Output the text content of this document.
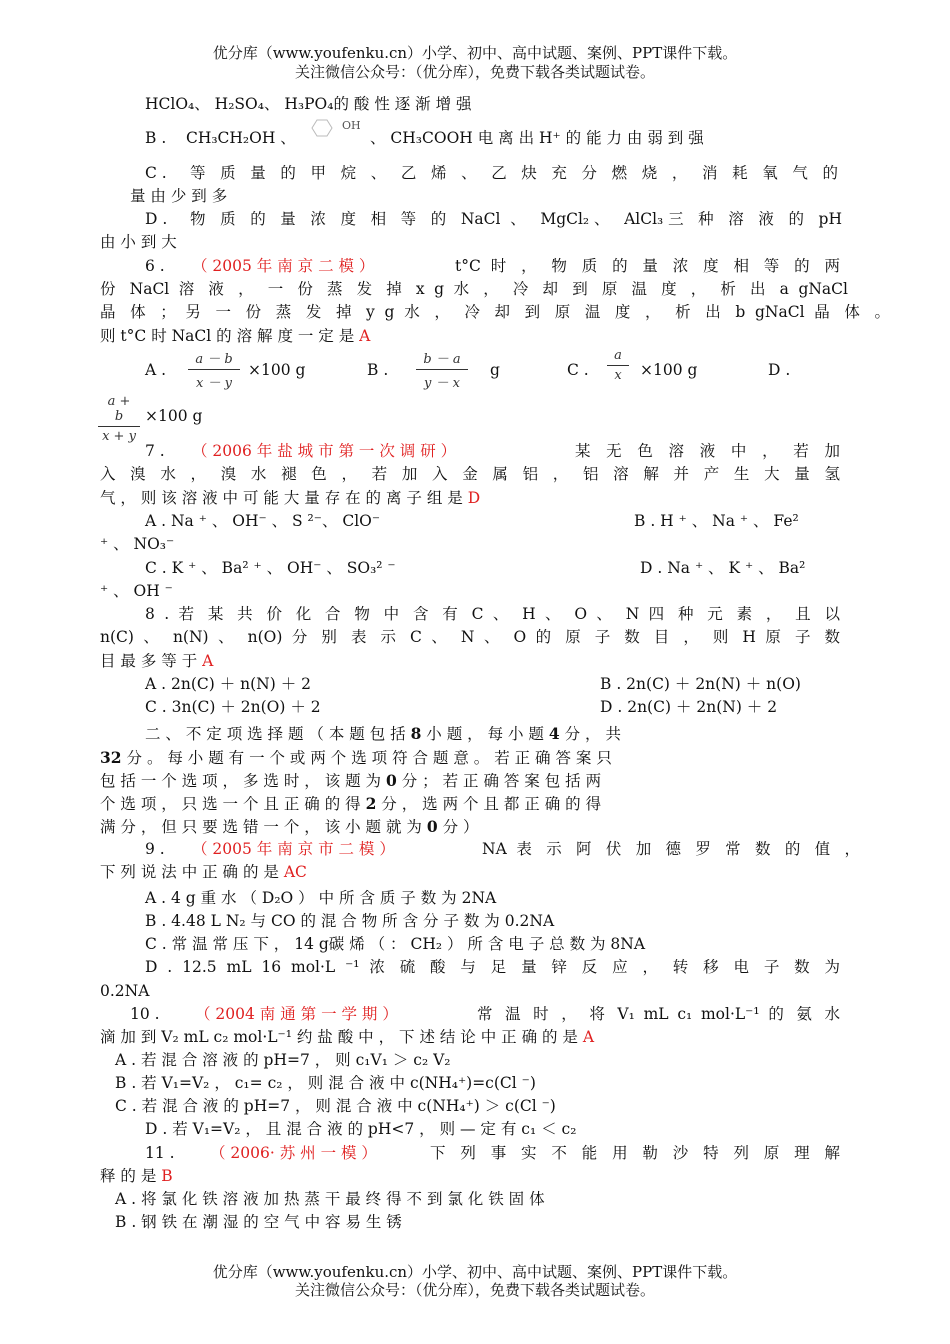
优分库（www.youfenku.cn）小学、初中、高中试题、案例、PPT课件下载。
关注微信公众号：（优分库），免费下载各类试题试卷。
HClO₄、 H₂SO₄、 H₃PO₄的 酸 性 逐 渐 增 强
B .    CH₃CH₂OH 、
OH
、 CH₃COOH 电 离 出 H⁺ 的 能 力 由 弱 到 强
C . 等 质 量 的 甲 烷 、 乙 烯 、 乙 炔 充 分 燃 烧 ， 消 耗 氧 气 的
量 由 少 到 多
D . 物 质 的 量 浓 度 相 等 的 NaCl 、 MgCl₂、 AlCl₃三 种 溶 液 的 pH
由 小 到 大
6 . （ 2005 年 南 京 二 模 ）	t°C 时 ， 物 质 的 量 浓 度 相 等 的 两
份 NaCl 溶 液 ， 一 份 蒸 发 掉 x g 水 ， 冷 却 到 原 温 度 ， 析 出 a gNaCl
晶 体 ； 另 一 份 蒸 发 掉 y g 水 ， 冷 却 到 原 温 度 ， 析 出 b gNaCl 晶 体 。
则 t°C 时 NaCl 的 溶 解 度 一 定 是 A
A . $\frac{a - b}{x - y} \times 100$ g	B . $\frac{b - a}{y - x}$ g	C . $\frac{a}{x} \times 100$ g	D .
$\frac{a + b}{x + y} \times 100$ g
7 . （ 2006 年 盐 城 市 第 一 次 调 研 ）	某 无 色 溶 液 中 ， 若 加
入 溴 水 ， 溴 水 褪 色 ， 若 加 入 金 属 铝 ， 铝 溶 解 并 产 生 大 量 氢
气 ， 则 该 溶 液 中 可 能 大 量 存 在 的 离 子 组 是 D
A . Na ⁺ 、 OH⁻ 、 S ²⁻、 ClO⁻	B . H ⁺ 、 Na ⁺ 、 Fe²
⁺ 、 NO₃⁻
C . K ⁺ 、 Ba² ⁺ 、 OH⁻ 、 SO₃² ⁻	D . Na ⁺ 、 K ⁺ 、 Ba²
⁺ 、 OH ⁻
8 . 若 某 共 价 化 合 物 中 含 有 C 、 H 、 O 、 N 四 种 元 素 ， 且 以
n(C) 、 n(N) 、 n(O) 分 别 表 示 C 、 N 、 O 的 原 子 数 目 ， 则 H 原 子 数
目 最 多 等 于 A
A . 2n(C) ＋ n(N) ＋ 2	B . 2n(C) ＋ 2n(N) ＋ n(O)
C . 3n(C) ＋ 2n(O) ＋ 2	D . 2n(C) ＋ 2n(N) ＋ 2
二 、 不 定 项 选 择 题 （ 本 题 包 括 8 小 题 ， 每 小 题 4 分 ， 共
32 分 。 每 小 题 有 一 个 或 两 个 选 项 符 合 题 意 。 若 正 确 答 案 只
包 括 一 个 选 项 ， 多 选 时 ， 该 题 为 0 分 ； 若 正 确 答 案 包 括 两
个 选 项 ， 只 选 一 个 且 正 确 的 得 2 分 ， 选 两 个 且 都 正 确 的 得
满 分 ， 但 只 要 选 错 一 个 ， 该 小 题 就 为 0 分 ）
9 . （ 2005 年 南 京 市 二 模 ）	NA 表 示 阿 伏 加 德 罗 常 数 的 值 ，
下 列 说 法 中 正 确 的 是 AC
A . 4 g 重 水 （ D₂O ） 中 所 含 质 子 数 为 2NA
B . 4.48 L N₂ 与 CO 的 混 合 物 所 含 分 子 数 为 0.2NA
C . 常 温 常 压 下 ， 14 g碳 烯 （ ： CH₂ ） 所 含 电 子 总 数 为 8NA
D . 12.5 mL 16 mol·L ⁻¹ 浓 硫 酸 与 足 量 锌 反 应 ， 转 移 电 子 数 为
0.2NA
10 . （ 2004 南 通 第 一 学 期 ）	常 温 时 ， 将 V₁ mL c₁ mol·L⁻¹ 的 氨 水
滴 加 到 V₂ mL c₂ mol·L⁻¹ 约 盐 酸 中 ， 下 述 结 论 中 正 确 的 是 A
A . 若 混 合 溶 液 的 pH=7 ， 则 c₁V₁ ＞ c₂ V₂
B . 若 V₁=V₂ ， c₁= c₂ ， 则 混 合 液 中 c(NH₄⁺)=c(Cl ⁻)
C . 若 混 合 液 的 pH=7 ， 则 混 合 液 中 c(NH₄⁺) ＞ c(Cl ⁻)
D . 若 V₁=V₂ ， 且 混 合 液 的 pH<7 ， 则 — 定 有 c₁ ＜ c₂
11 . （ 2006· 苏 州 一 模 ）	下 列 事 实 不 能 用 勒 沙 特 列 原 理 解
释 的 是 B
A . 将 氯 化 铁 溶 液 加 热 蒸 干 最 终 得 不 到 氯 化 铁 固 体
B . 钢 铁 在 潮 湿 的 空 气 中 容 易 生 锈
优分库（www.youfenku.cn）小学、初中、高中试题、案例、PPT课件下载。
关注微信公众号：（优分库），免费下载各类试题试卷。
